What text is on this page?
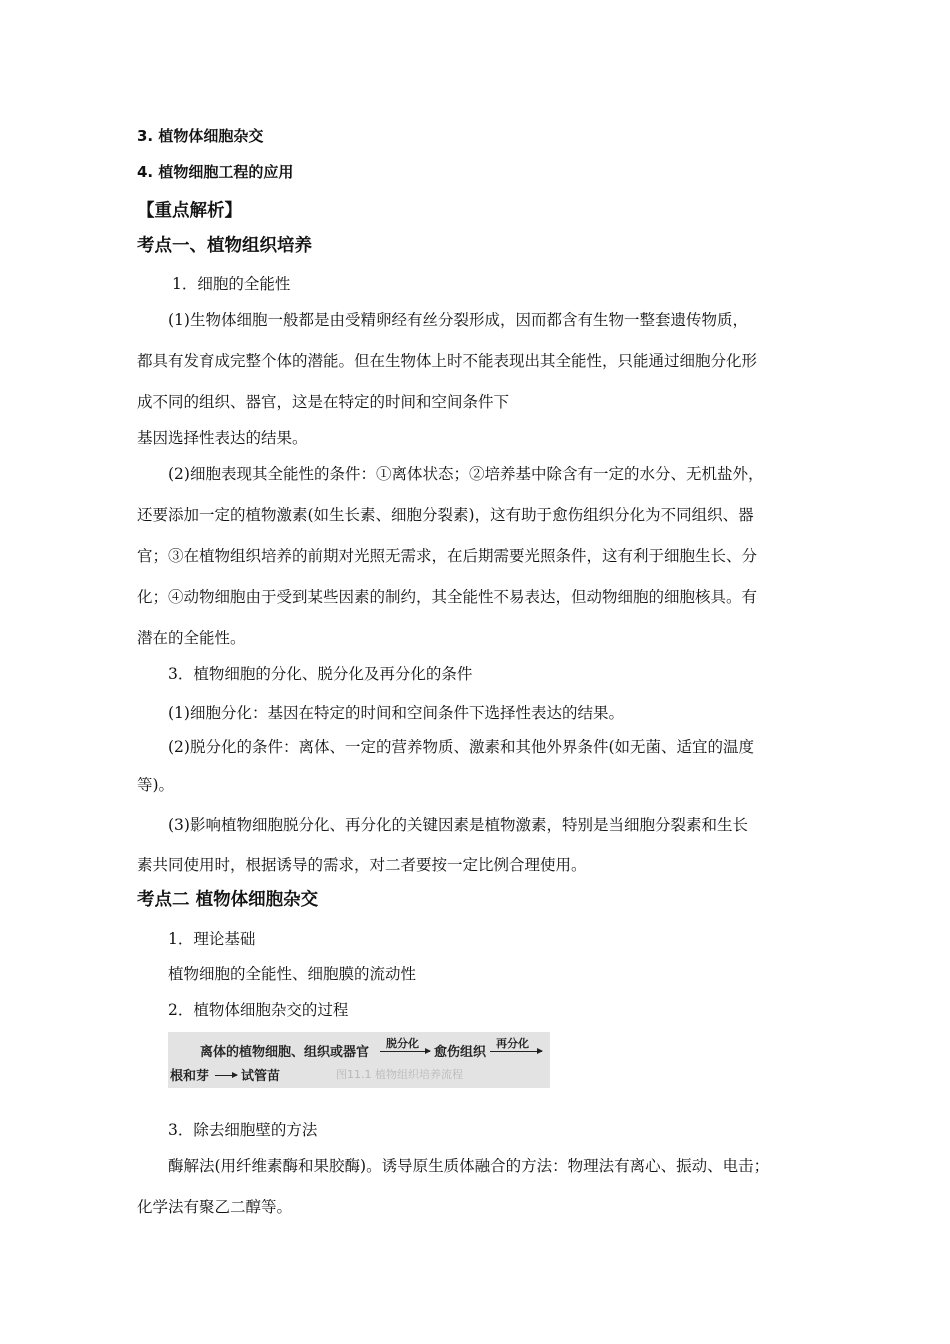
3. 植物体细胞杂交
4. 植物细胞工程的应用
【重点解析】
考点一、植物组织培养
1．细胞的全能性
(1)生物体细胞一般都是由受精卵经有丝分裂形成，因而都含有生物一整套遗传物质，
都具有发育成完整个体的潜能。但在生物体上时不能表现出其全能性，只能通过细胞分化形
成不同的组织、器官，这是在特定的时间和空间条件下
基因选择性表达的结果。
(2)细胞表现其全能性的条件：①离体状态；②培养基中除含有一定的水分、无机盐外，
还要添加一定的植物激素(如生长素、细胞分裂素)，这有助于愈伤组织分化为不同组织、器
官；③在植物组织培养的前期对光照无需求，在后期需要光照条件，这有利于细胞生长、分
化；④动物细胞由于受到某些因素的制约，其全能性不易表达，但动物细胞的细胞核具。有
潜在的全能性。
3．植物细胞的分化、脱分化及再分化的条件
(1)细胞分化：基因在特定的时间和空间条件下选择性表达的结果。
(2)脱分化的条件：离体、一定的营养物质、激素和其他外界条件(如无菌、适宜的温度
等)。
(3)影响植物细胞脱分化、再分化的关键因素是植物激素，特别是当细胞分裂素和生长
素共同使用时，根据诱导的需求，对二者要按一定比例合理使用。
考点二 植物体细胞杂交
1．理论基础
植物细胞的全能性、细胞膜的流动性
2．植物体细胞杂交的过程
图11.1 植物组织培养流程
离体的植物细胞、组织或器官
脱分化
愈伤组织
再分化
根和芽 试管苗
3．除去细胞壁的方法
酶解法(用纤维素酶和果胶酶)。诱导原生质体融合的方法：物理法有离心、振动、电击；
化学法有聚乙二醇等。
